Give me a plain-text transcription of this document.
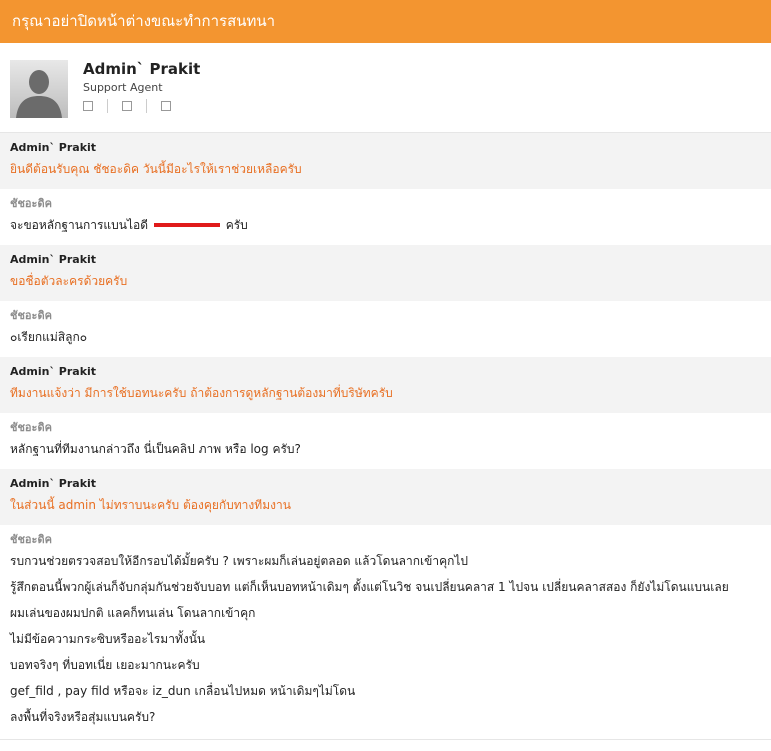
กรุณาอย่าปิดหน้าต่างขณะทำการสนทนา
Admin` Prakit
Support Agent
Admin` Prakit
ยินดีต้อนรับคุณ ชัชอะดิค วันนี้มีอะไรให้เราช่วยเหลือครับ
ชัชอะดิค
จะขอหลักฐานการแบนไอดี	ครับ
Admin` Prakit
ขอชื่อตัวละครด้วยครับ
ชัชอะดิค
๐เรียกแม่สิลูก๐
Admin` Prakit
ทีมงานแจ้งว่า มีการใช้บอทนะครับ ถ้าต้องการดูหลักฐานต้องมาที่บริษัทครับ
ชัชอะดิค
หลักฐานที่ทีมงานกล่าวถึง นี่เป็นคลิป ภาพ หรือ log ครับ?
Admin` Prakit
ในส่วนนี้ admin ไม่ทราบนะครับ ต้องคุยกับทางทีมงาน
ชัชอะดิค
รบกวนช่วยตรวจสอบให้อีกรอบได้มั้ยครับ ? เพราะผมก็เล่นอยู่ตลอด แล้วโดนลากเข้าคุกไป
รู้สึกตอนนี้พวกผู้เล่นก็จับกลุ่มกันช่วยจับบอท แต่ก็เห็นบอทหน้าเดิมๆ ตั้งแต่โนวิช จนเปลี่ยนคลาส 1 ไปจน เปลี่ยนคลาสสอง ก็ยังไม่โดนแบนเลย
ผมเล่นของผมปกติ แลคก็ทนเล่น โดนลากเข้าคุก
ไม่มีข้อความกระซิบหรืออะไรมาทั้งนั้น
บอทจริงๆ ที่บอทเนี่ย เยอะมากนะครับ
gef_fild , pay fild หรือจะ iz_dun เกลื่อนไปหมด หน้าเดิมๆไม่โดน
ลงพื้นที่จริงหรือสุ่มแบนครับ?
